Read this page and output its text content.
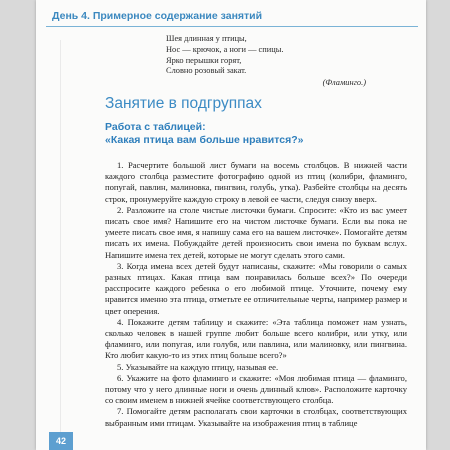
День 4. Примерное содержание занятий
Шея длинная у птицы,
Нос — крючок, а ноги — спицы.
Ярко перышки горят,
Словно розовый закат.
(Фламинго.)
Занятие в подгруппах
Работа с таблицей:
«Какая птица вам больше нравится?»

1. Расчертите большой лист бумаги на восемь столбцов. В нижней части каждого столбца разместите фотографию одной из птиц (колибри, фламинго, попугай, павлин, малиновка, пингвин, голубь, утка). Разбейте столбцы на десять строк, пронумеруйте каждую строку в левой ее части, следуя снизу вверх.

2. Разложите на столе чистые листочки бумаги. Спросите: «Кто из вас умеет писать свое имя? Напишите его на чистом листочке бумаги. Если вы пока не умеете писать свое имя, я напишу сама его на вашем листочке». Помогайте детям писать их имена. Побуждайте детей произносить свои имена по буквам вслух. Напишите имена тех детей, которые не могут сделать этого сами.

3. Когда имена всех детей будут написаны, скажите: «Мы говорили о самых разных птицах. Какая птица вам понравилась больше всех?» По очереди расспросите каждого ребенка о его любимой птице. Уточните, почему ему нравится именно эта птица, отметьте ее отличительные черты, например размер и цвет оперения.

4. Покажите детям таблицу и скажите: «Эта таблица поможет нам узнать, сколько человек в нашей группе любит больше всего колибри, или утку, или фламинго, или попугая, или голубя, или павлина, или малиновку, или пингвина. Кто любит какую-то из этих птиц больше всего?»

5. Указывайте на каждую птицу, называя ее.

6. Укажите на фото фламинго и скажите: «Моя любимая птица — фламинго, потому что у него длинные ноги и очень длинный клюв». Расположите карточку со своим именем в нижней ячейке соответствующего столбца.

7. Помогайте детям располагать свои карточки в столбцах, соответствующих выбранным ими птицам. Указывайте на изображения птиц в таблице

42
